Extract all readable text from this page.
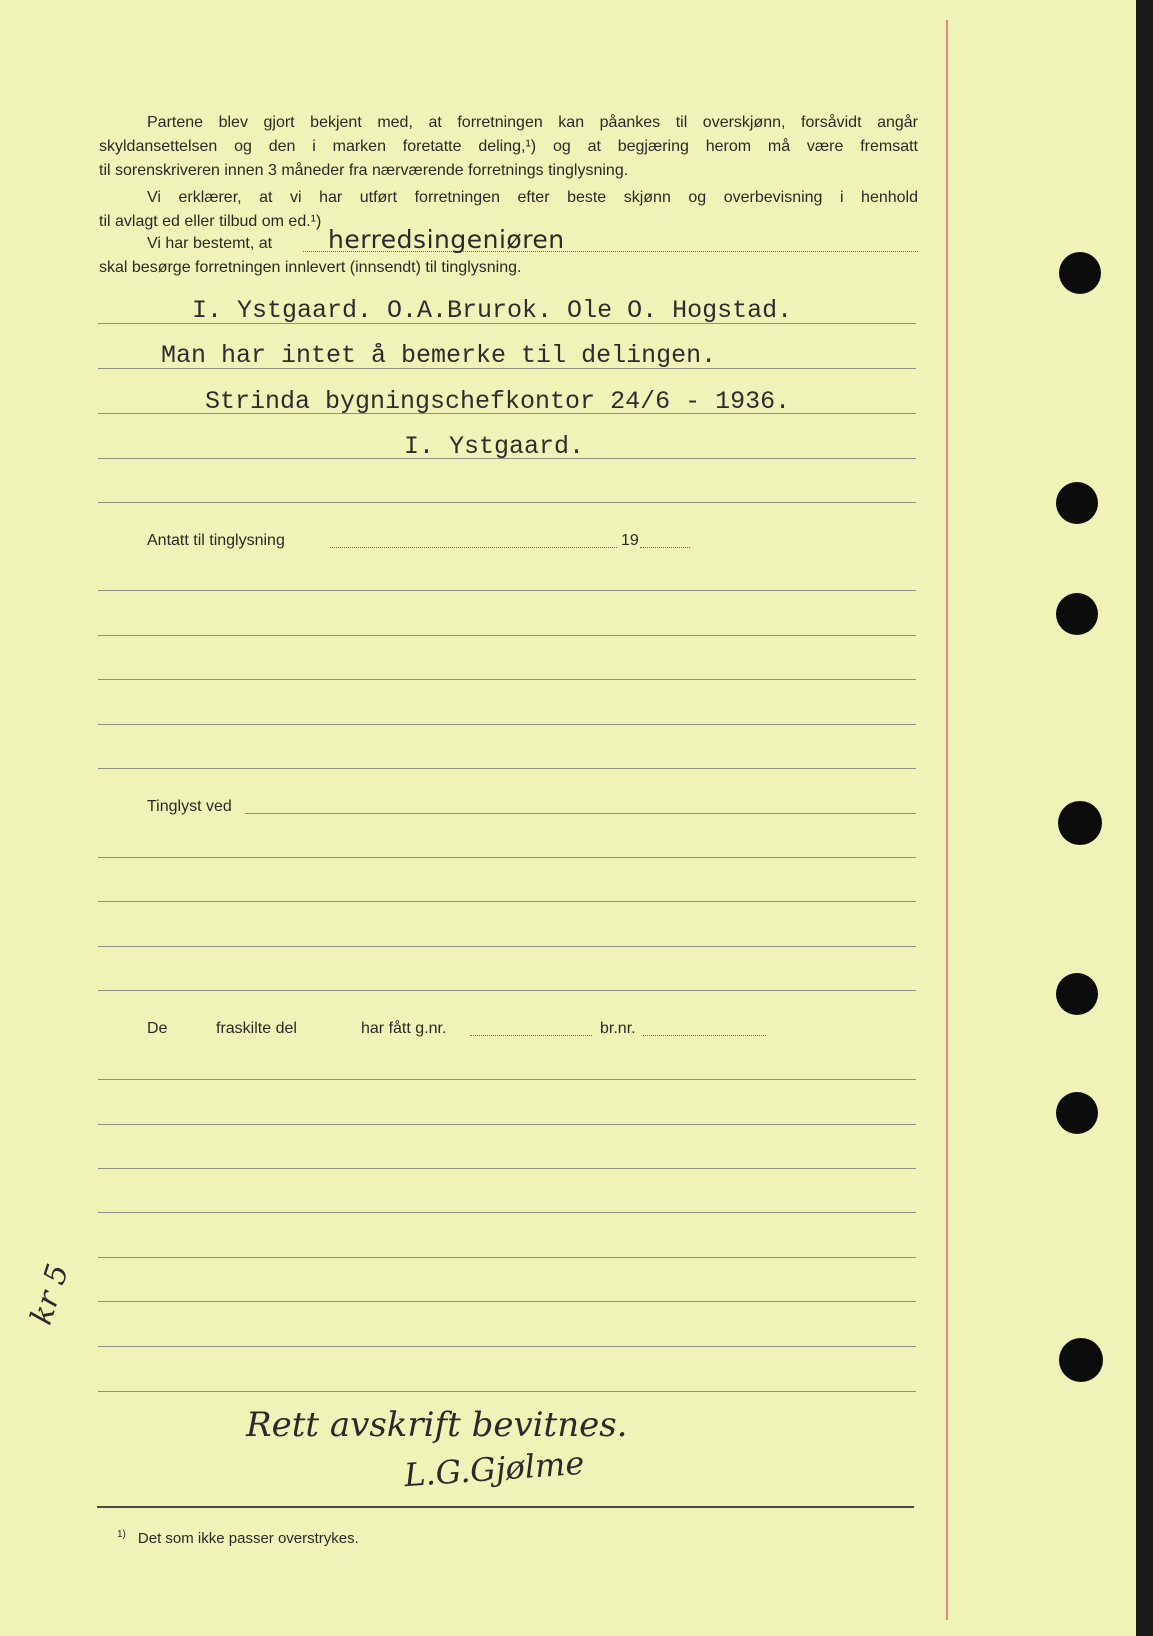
Partene blev gjort bekjent med, at forretningen kan påankes til overskjønn, forsåvidt angår

skyldansettelsen og den i marken foretatte deling,¹) og at begjæring herom må være fremsatt

til sorenskriveren innen 3 måneder fra nærværende forretnings tinglysning.

Vi erklærer, at vi har utført forretningen efter beste skjønn og overbevisning i henhold

til avlagt ed eller tilbud om ed.¹)

Vi har bestemt, at herredsingeniøren
skal besørge forretningen innlevert (innsendt) til tinglysning.
I. Ystgaard. O.A.Brurok. Ole O. Hogstad.
Man har intet å bemerke til delingen.
Strinda bygningschefkontor 24/6 - 1936.
I. Ystgaard.
Antatt til tinglysning	19
Tinglyst ved
De	fraskilte del	har fått g.nr.	br.nr.
kr 5
Rett avskrift bevitnes.
L.G.Gjølme
$^{1)}$ Det som ikke passer overstrykes.
